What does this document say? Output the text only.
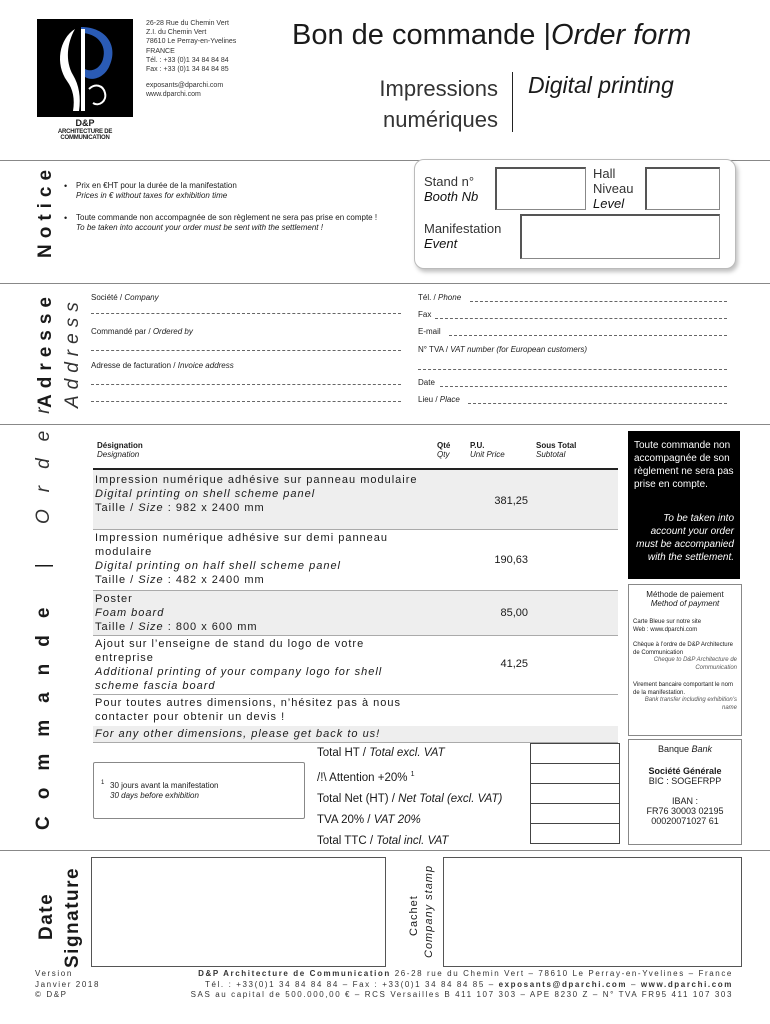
D&P
ARCHITECTURE DE COMMUNICATION
26-28 Rue du Chemin Vert
Z.I. du Chemin Vert
78610 Le Perray-en-Yvelines
FRANCE
Tél. : +33 (0)1 34 84 84 84
Fax : +33 (0)1 34 84 84 85
exposants@dparchi.com
www.dparchi.com
Bon de commande |Order form
Impressions
numériques
Digital printing
Notice • Prix en €HT pour la durée de la manifestation
Prices in € without taxes for exhibition time
• Toute commande non accompagnée de son règlement ne sera pas prise en compte !
To be taken into account your order must be sent with the settlement !
Stand n°
Booth Nb
Hall
Niveau
Level
Manifestation
Event
Adresse Address Société / Company
Commandé par / Ordered by
Adresse de facturation / Invoice address
Tél. / Phone
Fax
E-mail
N° TVA / VAT number (for European customers)
Date
Lieu / Place
Commande | Order	Désignation
Designation
Qté
Qty
P.U.
Unit Price
Sous Total
Subtotal
Impression numérique adhésive sur panneau modulaire
Digital printing on shell scheme panel
Taille / Size : 982 x 2400 mm
381,25
Impression numérique adhésive sur demi panneau modulaire
Digital printing on half shell scheme panel
Taille / Size : 482 x 2400 mm
190,63
Poster
Foam board
Taille / Size : 800 x 600 mm
85,00
Ajout sur l’enseigne de stand du logo de votre entreprise
Additional printing of your company logo for shell scheme fascia board
41,25
Pour toutes autres dimensions, n’hésitez pas à nous contacter pour obtenir un devis !
For any other dimensions, please get back to us!
1 30 jours avant la manifestation
30 days before exhibition
Total HT / Total excl. VAT
/!\ Attention +20% $^1$
Total Net (HT) / Net Total (excl. VAT)
TVA 20% / VAT 20%
Total TTC / Total incl. VAT
Toute commande non accompagnée de son règlement ne sera pas prise en compte.
To be taken into account your order must be accompanied with the settlement.
Méthode de paiement
Method of payment
Carte Bleue sur notre site
Web : www.dparchi.com
Chèque à l’ordre de D&P Architecture de Communication
Cheque to D&P Architecture de Communication
Virement bancaire comportant le nom de la manifestation.
Bank transfer including exhibition’s name
Banque Bank
Société Générale
BIC : SOGEFRPP
IBAN :
FR76 30003 02195
00020071027 61
Date Signature	Cachet Company stamp
Version
Janvier 2018
© D&P
D&P Architecture de Communication 26-28 rue du Chemin Vert – 78610 Le Perray-en-Yvelines – France
Tél. : +33(0)1 34 84 84 84 – Fax : +33(0)1 34 84 84 85 – exposants@dparchi.com – www.dparchi.com
SAS au capital de 500.000,00 € – RCS Versailles B 411 107 303 – APE 8230 Z – N° TVA FR95 411 107 303
